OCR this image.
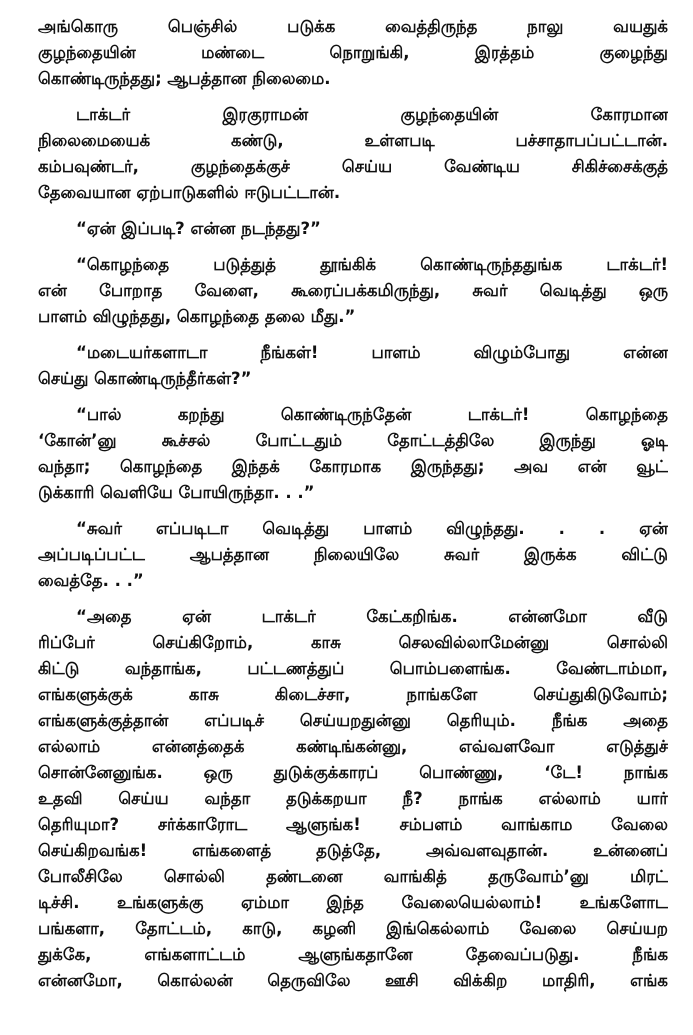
அங்கொரு பெஞ்சில் படுக்க வைத்திருந்த நாலு வயதுக்
குழந்தையின் மண்டை நொறுங்கி, இரத்தம் குழைந்து
கொண்டிருந்தது; ஆபத்தான நிலைமை.
டாக்டர் இரகுராமன் குழந்தையின் கோரமான
நிலைமையைக் கண்டு, உள்ளபடி பச்சாதாபப்பட்டான்.
கம்பவுண்டர், குழந்தைக்குச் செய்ய வேண்டிய சிகிச்சைக்குத்
தேவையான ஏற்பாடுகளில் ஈடுபட்டான்.
“ஏன் இப்படி? என்ன நடந்தது?”
“கொழந்தை படுத்துத் தூங்கிக் கொண்டிருந்ததுங்க டாக்டர்!
என் போறாத வேளை, கூரைப்பக்கமிருந்து, சுவர் வெடித்து ஒரு
பாளம் விழுந்தது, கொழந்தை தலை மீது.”
“மடையர்களாடா நீங்கள்! பாளம் விழும்போது என்ன
செய்து கொண்டிருந்தீர்கள்?”
“பால் கறந்து கொண்டிருந்தேன் டாக்டர்! கொழந்தை
‘கோன்’னு கூச்சல் போட்டதும் தோட்டத்திலே இருந்து ஓடி
வந்தா; கொழந்தை இந்தக் கோரமாக இருந்தது; அவ என் வூட்
டுக்காரி வெளியே போயிருந்தா. . .”
“சுவர் எப்படிடா வெடித்து பாளம் விழுந்தது. . . ஏன்
அப்படிப்பட்ட ஆபத்தான நிலையிலே சுவர் இருக்க விட்டு
வைத்தே. . .”
“அதை ஏன் டாக்டர் கேட்கறிங்க. என்னமோ வீடு
ரிப்பேர் செய்கிறோம், காசு செலவில்லாமேன்னு சொல்லி
கிட்டு வந்தாங்க, பட்டணத்துப் பொம்பளைங்க. வேண்டாம்மா,
எங்களுக்குக் காசு கிடைச்சா, நாங்களே செய்துகிடுவோம்;
எங்களுக்குத்தான் எப்படிச் செய்யறதுன்னு தெரியும். நீங்க அதை
எல்லாம் என்னத்தைக் கண்டிங்கன்னு, எவ்வளவோ எடுத்துச்
சொன்னேனுங்க. ஒரு துடுக்குக்காரப் பொண்ணு, ‘டே! நாங்க
உதவி செய்ய வந்தா தடுக்கறயா நீ? நாங்க எல்லாம் யார்
தெரியுமா? சர்க்காரோட ஆளுங்க! சம்பளம் வாங்காம வேலை
செய்கிறவங்க! எங்களைத் தடுத்தே, அவ்வளவுதான். உன்னைப்
போலீசிலே சொல்லி தண்டனை வாங்கித் தருவோம்’னு மிரட்
டிச்சி. உங்களுக்கு ஏம்மா இந்த வேலையெல்லாம்! உங்களோட
பங்களா, தோட்டம், காடு, கழனி இங்கெல்லாம் வேலை செய்யற
துக்கே, எங்களாட்டம் ஆளுங்கதானே தேவைப்படுது. நீங்க
என்னமோ, கொல்லன் தெருவிலே ஊசி விக்கிற மாதிரி, எங்க
